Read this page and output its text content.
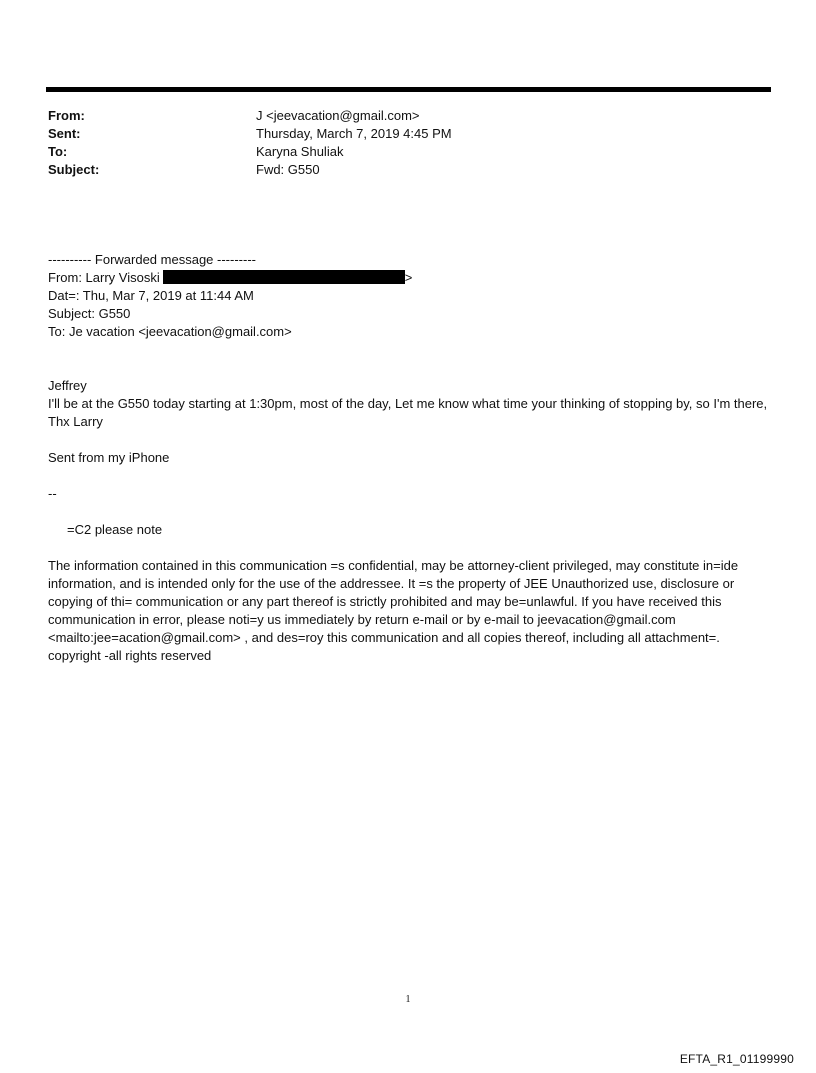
From:	J <jeevacation@gmail.com>
Sent:	Thursday, March 7, 2019 4:45 PM
To:	Karyna Shuliak
Subject:	Fwd: G550
---------- Forwarded message ---------
From: Larry Visoski	>
Dat=: Thu, Mar 7, 2019 at 11:44 AM
Subject: G550
To: Je vacation <jeevacation@gmail.com>
Jeffrey
I'll be at the G550 today starting at 1:30pm, most of the day, Let me know what time your thinking of stopping by, so I'm there, Thx Larry
Sent from my iPhone
--
=C2 please note
The information contained in this communication =s confidential, may be attorney-client privileged, may constitute in=ide information, and is intended only for the use of the addressee. It =s the property of JEE Unauthorized use, disclosure or copying of thi= communication or any part thereof is strictly prohibited and may be=unlawful. If you have received this communication in error, please noti=y us immediately by return e-mail or by e-mail to jeevacation@gmail.com <mailto:jee=acation@gmail.com> , and des=roy this communication and all copies thereof, including all attachment=. copyright -all rights reserved
1
EFTA_R1_01199990
